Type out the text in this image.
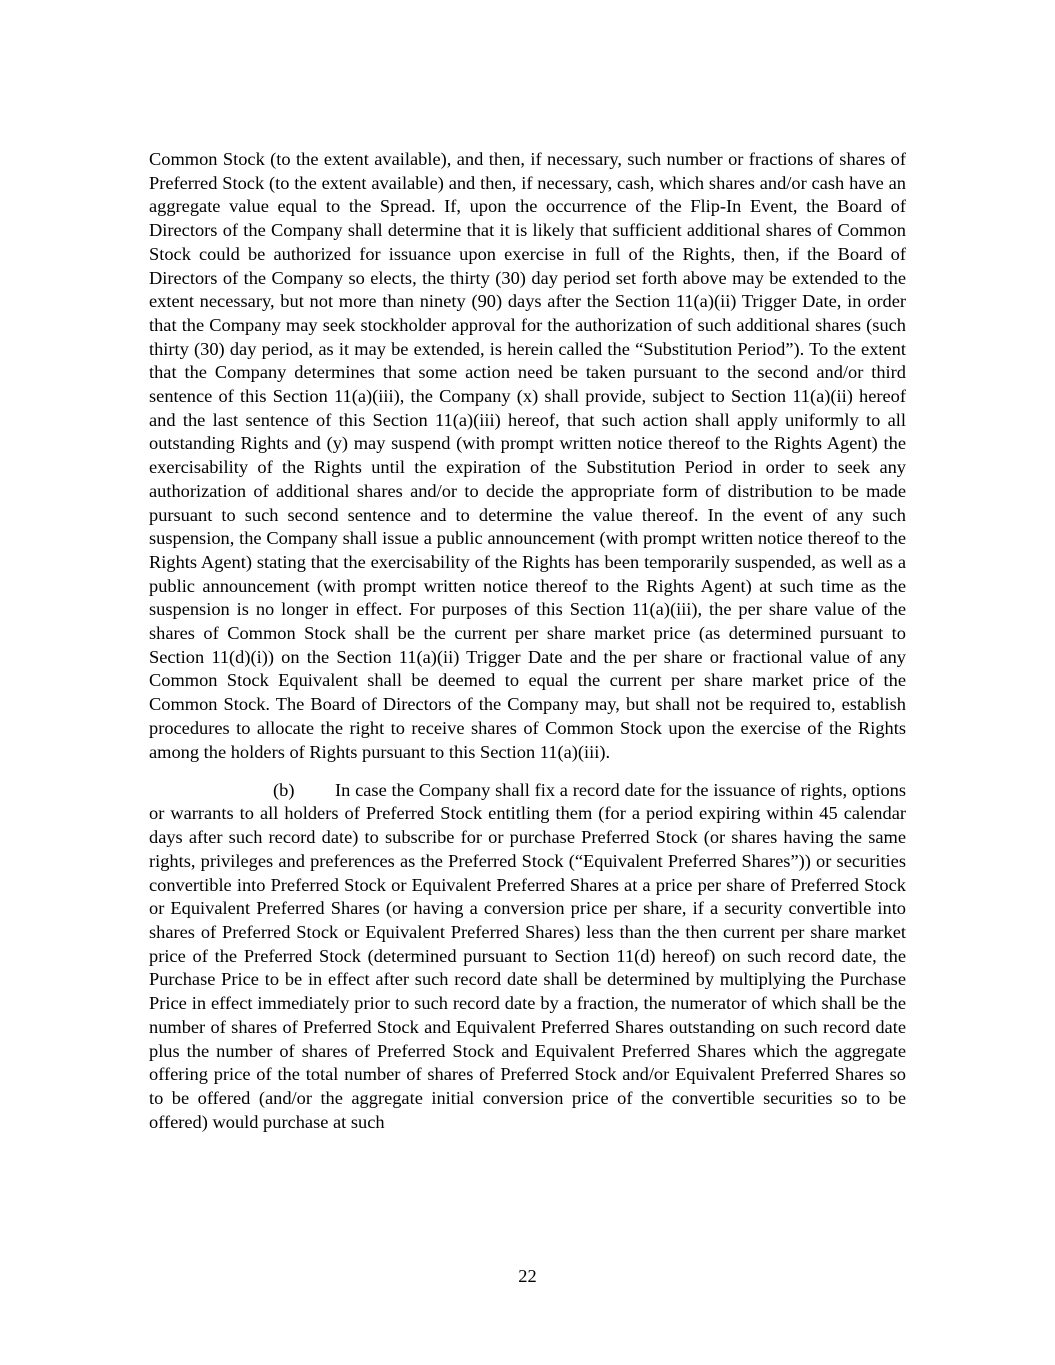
Common Stock (to the extent available), and then, if necessary, such number or fractions of shares of Preferred Stock (to the extent available) and then, if necessary, cash, which shares and/or cash have an aggregate value equal to the Spread. If, upon the occurrence of the Flip-In Event, the Board of Directors of the Company shall determine that it is likely that sufficient additional shares of Common Stock could be authorized for issuance upon exercise in full of the Rights, then, if the Board of Directors of the Company so elects, the thirty (30) day period set forth above may be extended to the extent necessary, but not more than ninety (90) days after the Section 11(a)(ii) Trigger Date, in order that the Company may seek stockholder approval for the authorization of such additional shares (such thirty (30) day period, as it may be extended, is herein called the “Substitution Period”). To the extent that the Company determines that some action need be taken pursuant to the second and/or third sentence of this Section 11(a)(iii), the Company (x) shall provide, subject to Section 11(a)(ii) hereof and the last sentence of this Section 11(a)(iii) hereof, that such action shall apply uniformly to all outstanding Rights and (y) may suspend (with prompt written notice thereof to the Rights Agent) the exercisability of the Rights until the expiration of the Substitution Period in order to seek any authorization of additional shares and/or to decide the appropriate form of distribution to be made pursuant to such second sentence and to determine the value thereof. In the event of any such suspension, the Company shall issue a public announcement (with prompt written notice thereof to the Rights Agent) stating that the exercisability of the Rights has been temporarily suspended, as well as a public announcement (with prompt written notice thereof to the Rights Agent) at such time as the suspension is no longer in effect. For purposes of this Section 11(a)(iii), the per share value of the shares of Common Stock shall be the current per share market price (as determined pursuant to Section 11(d)(i)) on the Section 11(a)(ii) Trigger Date and the per share or fractional value of any Common Stock Equivalent shall be deemed to equal the current per share market price of the Common Stock. The Board of Directors of the Company may, but shall not be required to, establish procedures to allocate the right to receive shares of Common Stock upon the exercise of the Rights among the holders of Rights pursuant to this Section 11(a)(iii).

(b) In case the Company shall fix a record date for the issuance of rights, options or warrants to all holders of Preferred Stock entitling them (for a period expiring within 45 calendar days after such record date) to subscribe for or purchase Preferred Stock (or shares having the same rights, privileges and preferences as the Preferred Stock (“Equivalent Preferred Shares”)) or securities convertible into Preferred Stock or Equivalent Preferred Shares at a price per share of Preferred Stock or Equivalent Preferred Shares (or having a conversion price per share, if a security convertible into shares of Preferred Stock or Equivalent Preferred Shares) less than the then current per share market price of the Preferred Stock (determined pursuant to Section 11(d) hereof) on such record date, the Purchase Price to be in effect after such record date shall be determined by multiplying the Purchase Price in effect immediately prior to such record date by a fraction, the numerator of which shall be the number of shares of Preferred Stock and Equivalent Preferred Shares outstanding on such record date plus the number of shares of Preferred Stock and Equivalent Preferred Shares which the aggregate offering price of the total number of shares of Preferred Stock and/or Equivalent Preferred Shares so to be offered (and/or the aggregate initial conversion price of the convertible securities so to be offered) would purchase at such

22
